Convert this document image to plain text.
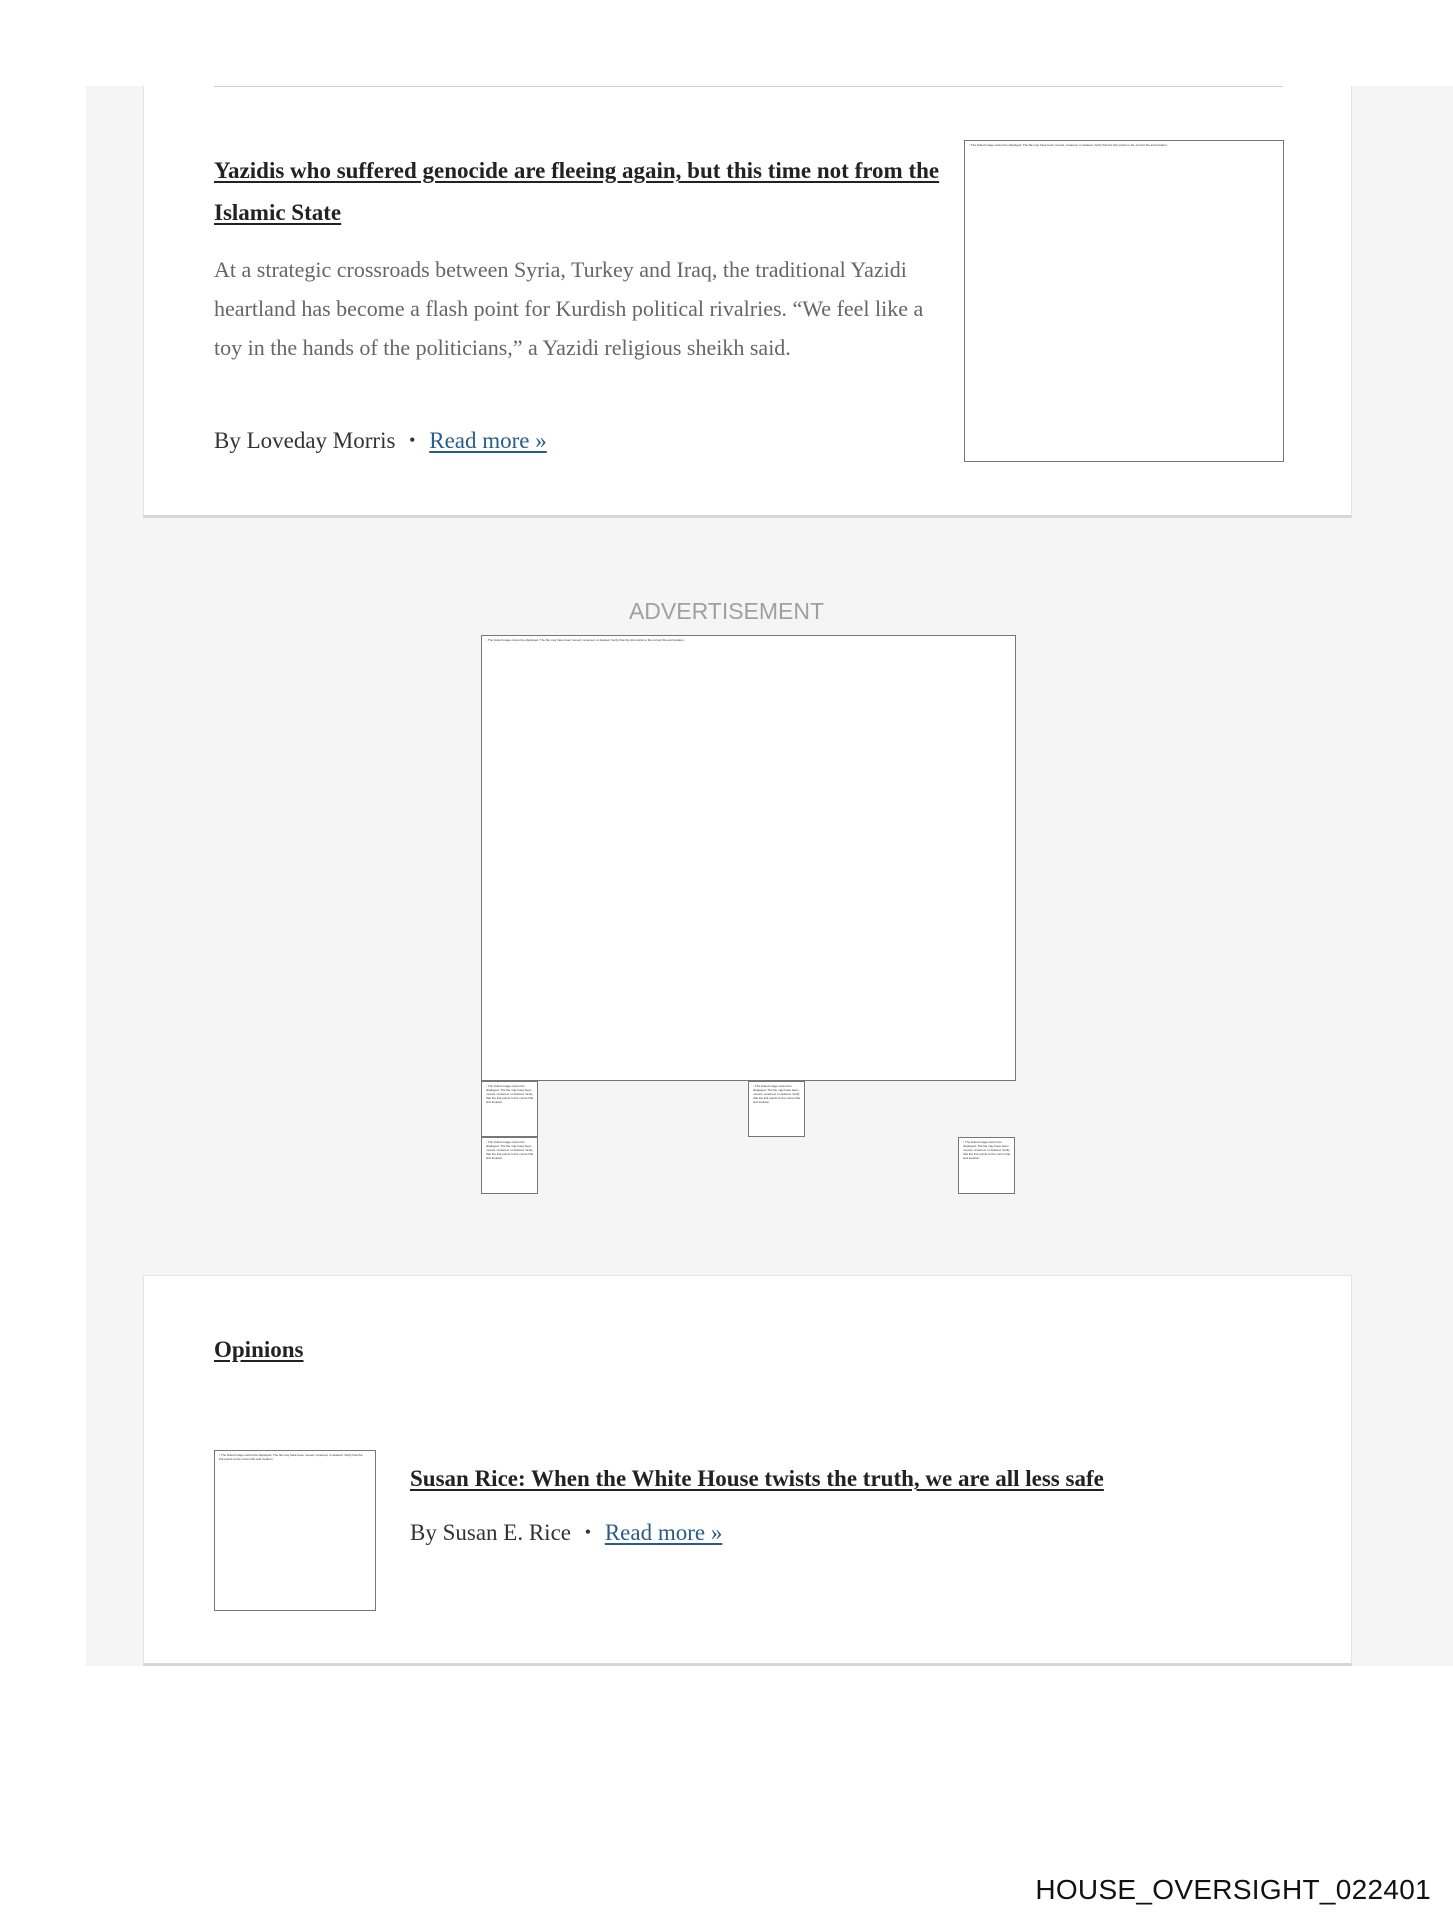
Yazidis who suffered genocide are fleeing again, but this time not from the Islamic State
At a strategic crossroads between Syria, Turkey and Iraq, the traditional Yazidi heartland has become a flash point for Kurdish political rivalries. “We feel like a toy in the hands of the politicians,” a Yazidi religious sheikh said.
By Loveday Morris • Read more »
▫ The linked image cannot be displayed. The file may have been moved, renamed, or deleted. Verify that the link points to the correct file and location.
ADVERTISEMENT
▫ The linked image cannot be displayed. The file may have been moved, renamed, or deleted. Verify that the link points to the correct file and location.
▫ The linked image cannot be displayed. The file may have been moved, renamed, or deleted. Verify that the link points to the correct file and location.
▫ The linked image cannot be displayed. The file may have been moved, renamed, or deleted. Verify that the link points to the correct file and location.
▫ The linked image cannot be displayed. The file may have been moved, renamed, or deleted. Verify that the link points to the correct file and location.
▫ The linked image cannot be displayed. The file may have been moved, renamed, or deleted. Verify that the link points to the correct file and location.
Opinions
▫ The linked image cannot be displayed. The file may have been moved, renamed, or deleted. Verify that the link points to the correct file and location.
Susan Rice: When the White House twists the truth, we are all less safe
By Susan E. Rice • Read more »
HOUSE_OVERSIGHT_022401
